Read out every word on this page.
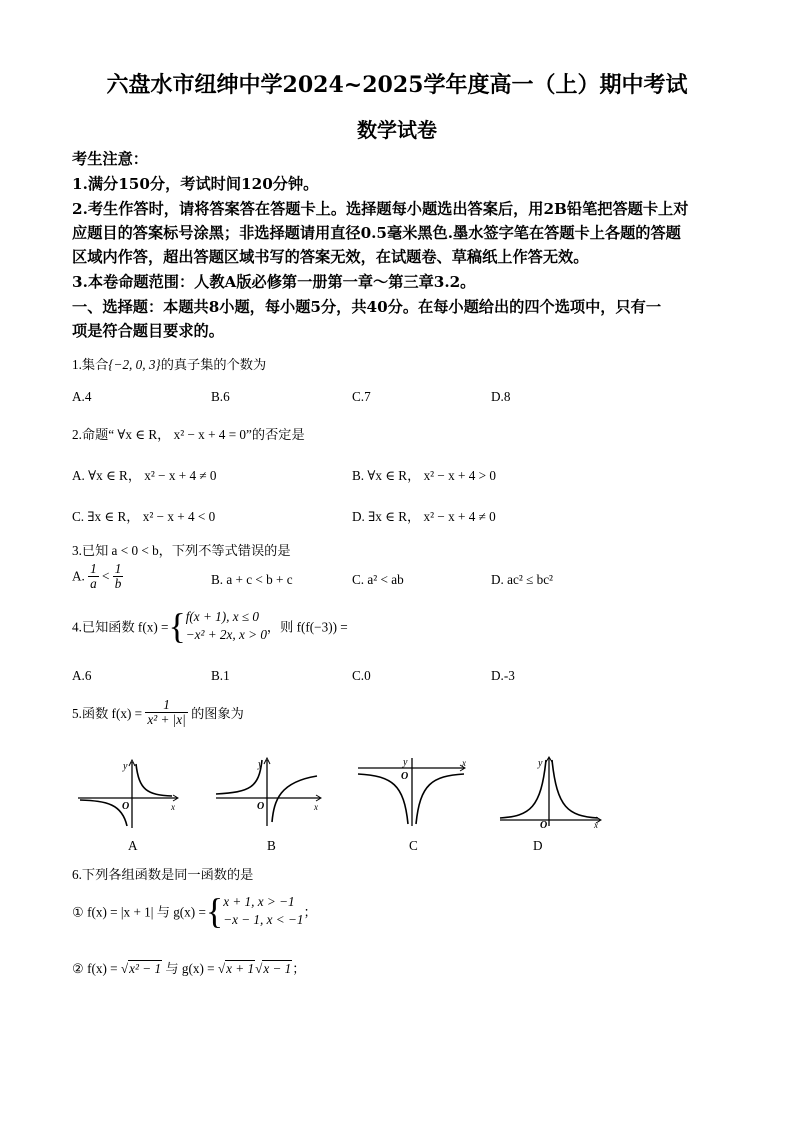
六盘水市纽绅中学2024~2025学年度高一（上）期中考试
数学试卷
考生注意：
1.满分150分，考试时间120分钟。
2.考生作答时，请将答案答在答题卡上。选择题每小题选出答案后，用2B铅笔把答题卡上对
应题目的答案标号涂黑；非选择题请用直径0.5毫米黑色.墨水签字笔在答题卡上各题的答题
区域内作答，超出答题区域书写的答案无效，在试题卷、草稿纸上作答无效。
3.本卷命题范围：人教A版必修第一册第一章～第三章3.2。
一、选择题：本题共8小题，每小题5分，共40分。在每小题给出的四个选项中，只有一
项是符合题目要求的。
1.集合{−2, 0, 3}的真子集的个数为
A.4	B.6	C.7	D.8
2.命题“ ∀x ∈ R， x² − x + 4 = 0”的否定是
A. ∀x ∈ R， x² − x + 4 ≠ 0	B. ∀x ∈ R， x² − x + 4 > 0
C. ∃x ∈ R， x² − x + 4 < 0	D. ∃x ∈ R， x² − x + 4 ≠ 0
3.已知 a < 0 < b，下列不等式错误的是
A. $\frac{1}{a} < \frac{1}{b}$	B. a + c < b + c	C. a² < ab	D. ac² ≤ bc²
4.已知函数 f(x) ={ f(x + 1), x ≤ 0
−x² + 2x, x > 0 ，则 f(f(−3)) =
A.6	B.1	C.0	D.-3
5.函数 $f(x) = \frac{1}{\text{x² + |x|}}$ 的图象为
y
x
O
A
y
x
O
B
y	x
O
C
y
x
O
D
6.下列各组函数是同一函数的是
① f(x) = |x + 1| 与 g(x) ={ x + 1, x > −1
−x − 1, x < −1 ；
② f(x) = √x² − 1 与 g(x) = √x + 1√x − 1；
